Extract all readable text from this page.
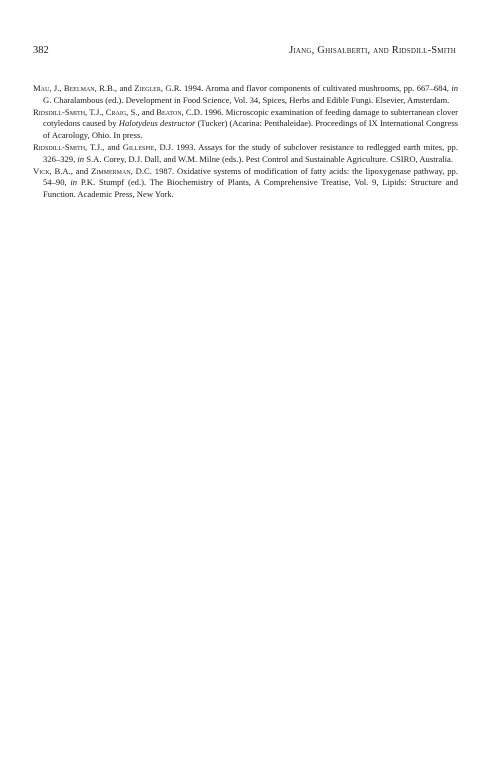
382	Jiang, Ghisalberti, and Ridsdill-Smith

Mau, J., Beelman, R.B., and Ziegler, G.R. 1994. Aroma and flavor components of cultivated mushrooms, pp. 667–684, in G. Charalambous (ed.). Development in Food Science, Vol. 34, Spices, Herbs and Edible Fungi. Elsevier, Amsterdam.

Ridsdill-Smith, T.J., Craig, S., and Beaton, C.D. 1996. Microscopic examination of feeding damage to subterranean clover cotyledons caused by Halotydeus destructor (Tucker) (Acarina: Penthaleidae). Proceedings of IX International Congress of Acarology, Ohio. In press.

Ridsdill-Smith, T.J., and Gillespie, D.J. 1993. Assays for the study of subclover resistance to redlegged earth mites, pp. 326–329, in S.A. Corey, D.J. Dall, and W.M. Milne (eds.). Pest Control and Sustainable Agriculture. CSIRO, Australia.

Vick, B.A., and Zimmerman, D.C. 1987. Oxidative systems of modification of fatty acids: the lipoxygenase pathway, pp. 54–90, in P.K. Stumpf (ed.). The Biochemistry of Plants, A Comprehensive Treatise, Vol. 9, Lipids: Structure and Function. Academic Press, New York.
